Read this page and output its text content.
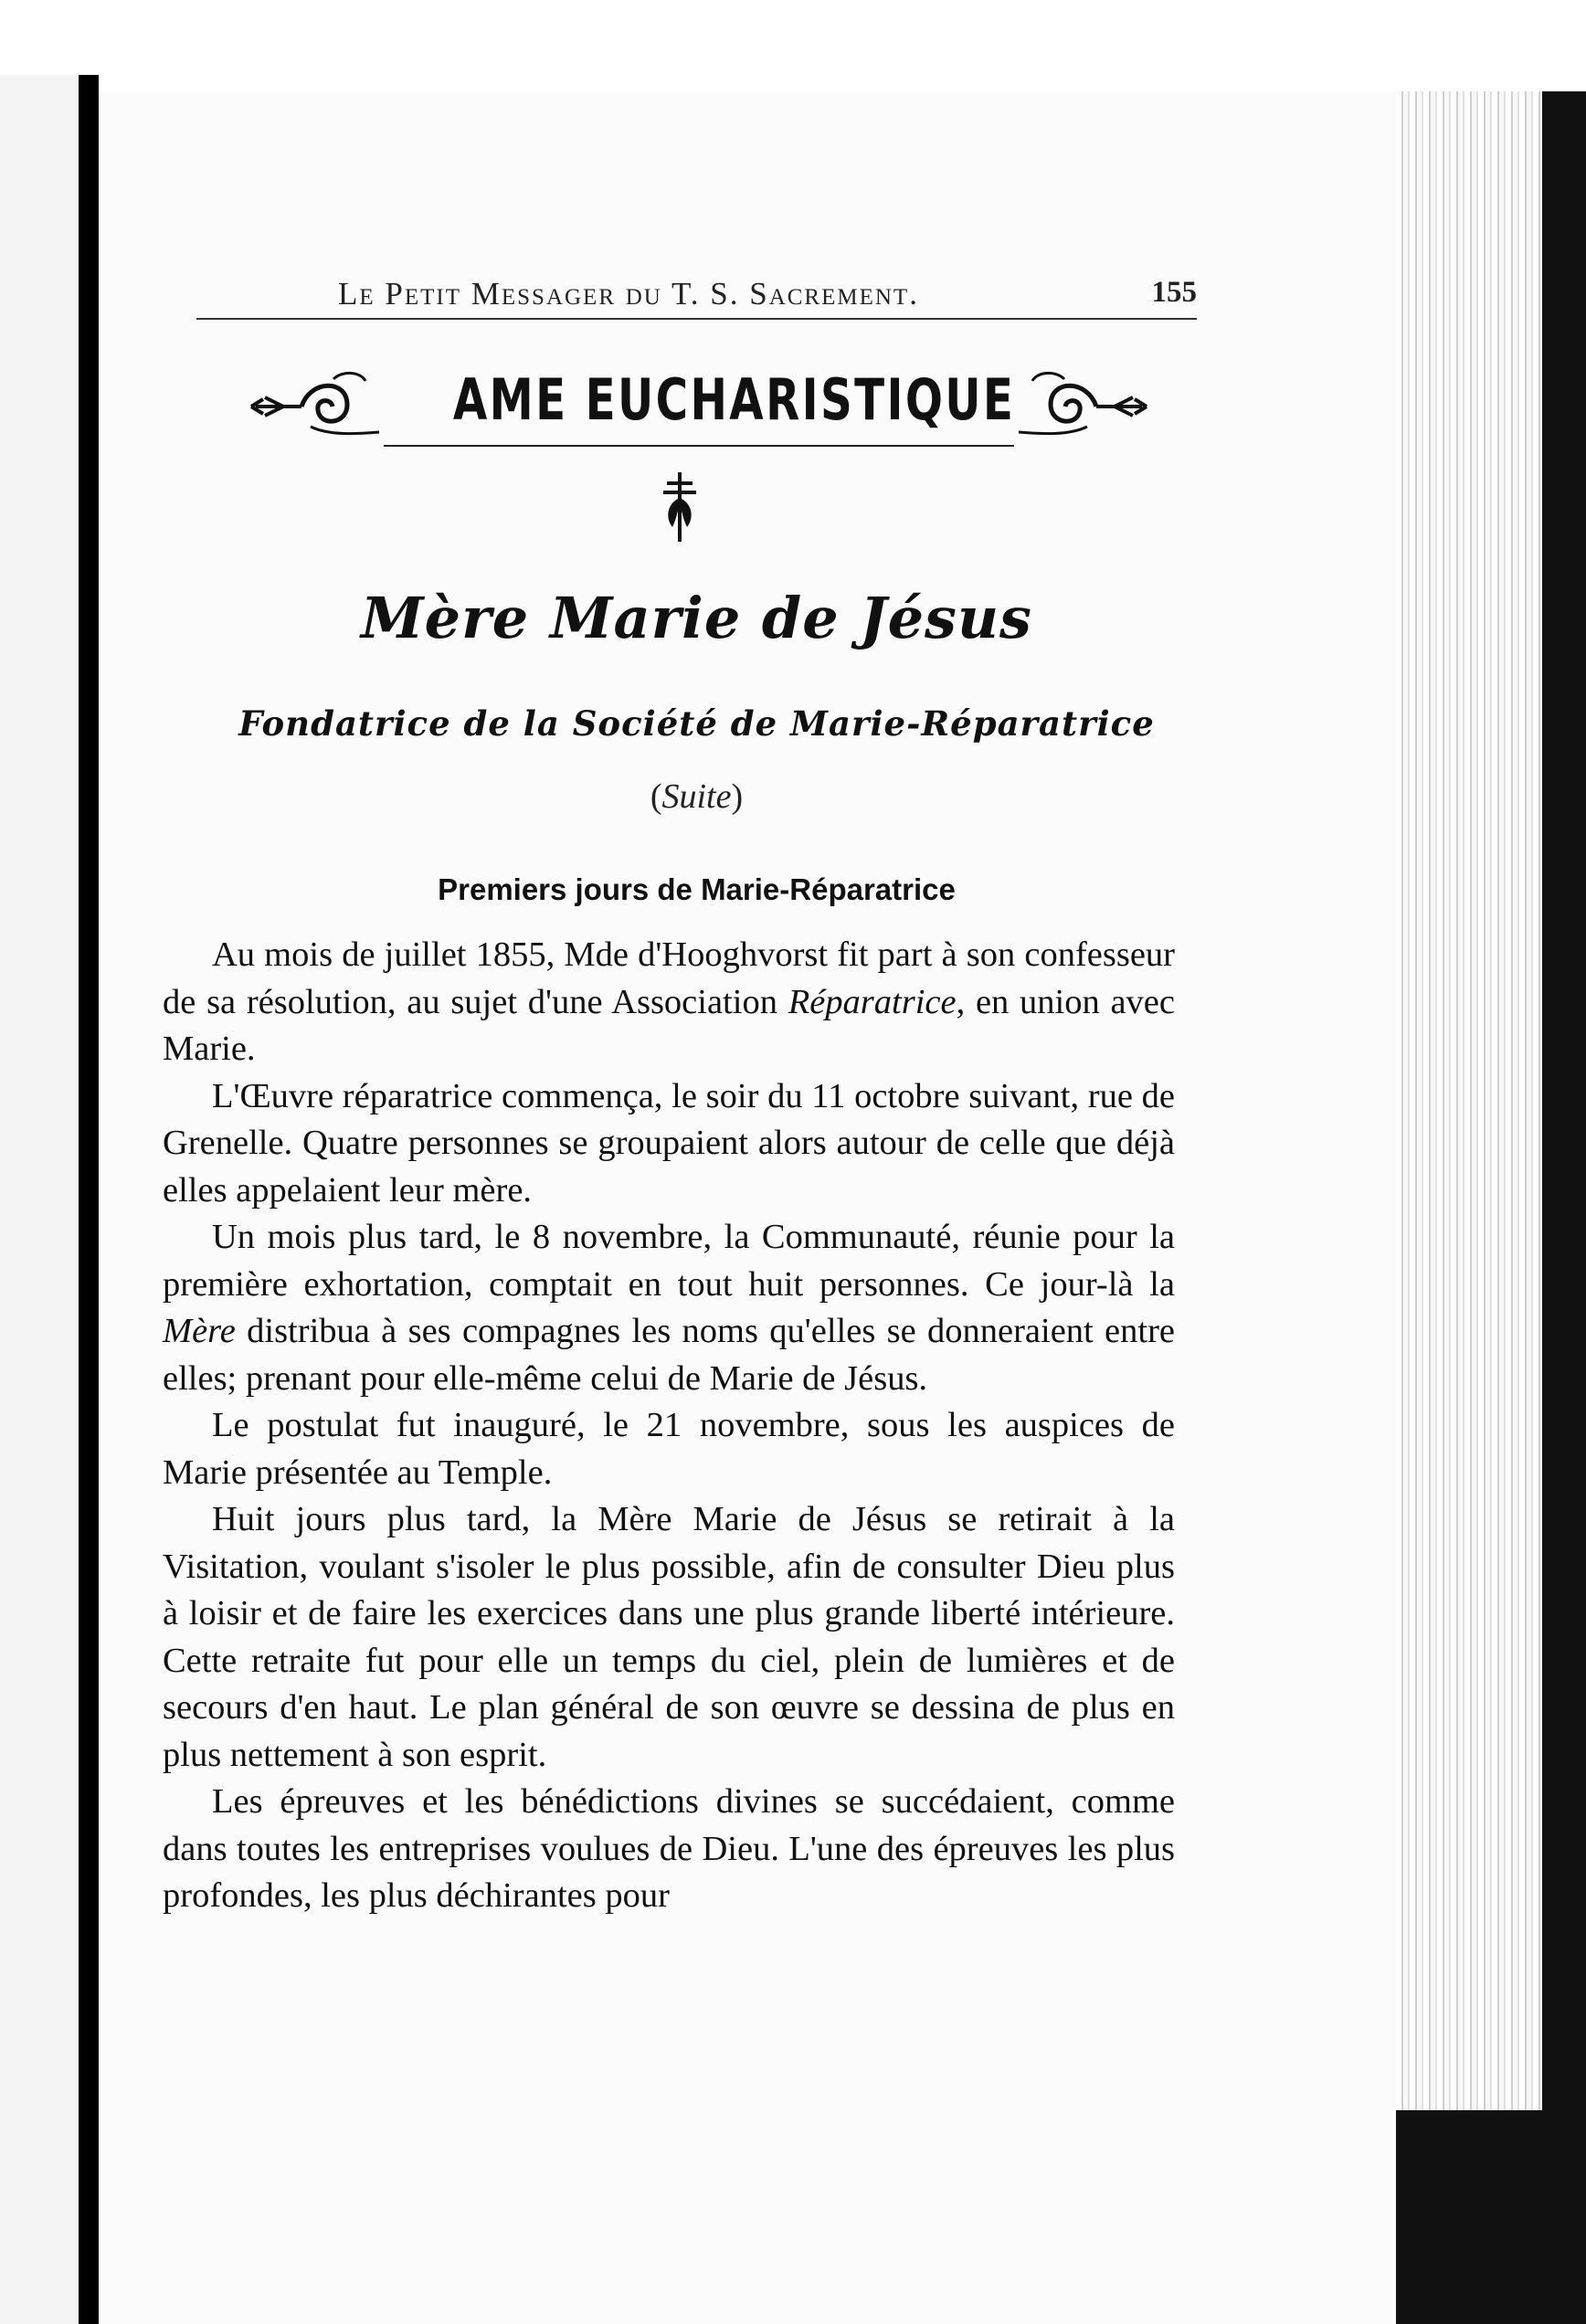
Le Petit Messager du T. S. Sacrement.	155
AME EUCHARISTIQUE
Mère Marie de Jésus
Fondatrice de la Société de Marie-Réparatrice
(Suite)
Premiers jours de Marie-Réparatrice

Au mois de juillet 1855, Mde d'Hooghvorst fit part à son confesseur de sa résolution, au sujet d'une Association Réparatrice, en union avec Marie.

L'Œuvre réparatrice commença, le soir du 11 octobre suivant, rue de Grenelle. Quatre personnes se groupaient alors autour de celle que déjà elles appelaient leur mère.

Un mois plus tard, le 8 novembre, la Communauté, réunie pour la première exhortation, comptait en tout huit personnes. Ce jour-là la Mère distribua à ses compagnes les noms qu'elles se donneraient entre elles; prenant pour elle-même celui de Marie de Jésus.

Le postulat fut inauguré, le 21 novembre, sous les auspices de Marie présentée au Temple.

Huit jours plus tard, la Mère Marie de Jésus se retirait à la Visitation, voulant s'isoler le plus possible, afin de consulter Dieu plus à loisir et de faire les exercices dans une plus grande liberté intérieure. Cette retraite fut pour elle un temps du ciel, plein de lumières et de secours d'en haut. Le plan général de son œuvre se dessina de plus en plus nettement à son esprit.

Les épreuves et les bénédictions divines se succédaient, comme dans toutes les entreprises voulues de Dieu. L'une des épreuves les plus profondes, les plus déchirantes pour
